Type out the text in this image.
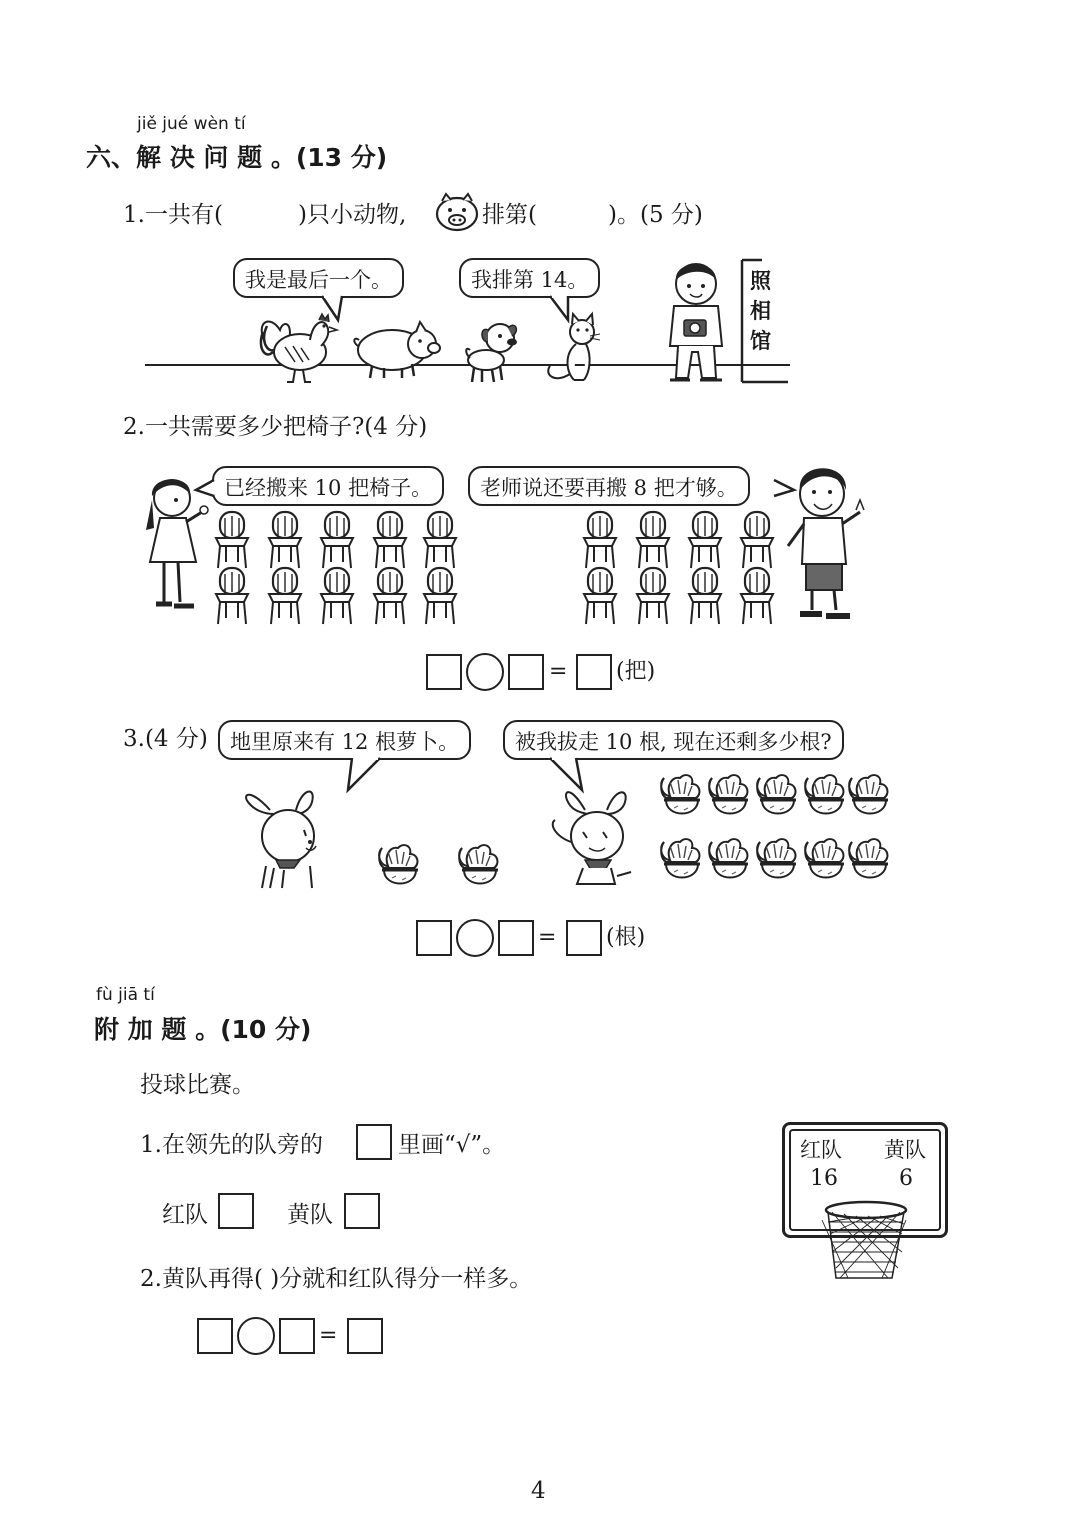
jiě jué wèn tí
六、解 决 问 题 。(13 分)
1.一共有(	)只小动物,	排第(	)。(5 分)
我是最后一个。	我排第 14。	照
相
馆
2.一共需要多少把椅子?(4 分)
已经搬来 10 把椅子。	老师说还要再搬 8 把才够。
= (把)
3.(4 分)	地里原来有 12 根萝卜。	被我拔走 10 根, 现在还剩多少根?
= (根)
fù jiā tí
附 加 题 。(10 分)
投球比赛。
1.在领先的队旁的	里画“√”。
红队	黄队
2.黄队再得( )分就和红队得分一样多。
=
红队 黄队
16	6
4
